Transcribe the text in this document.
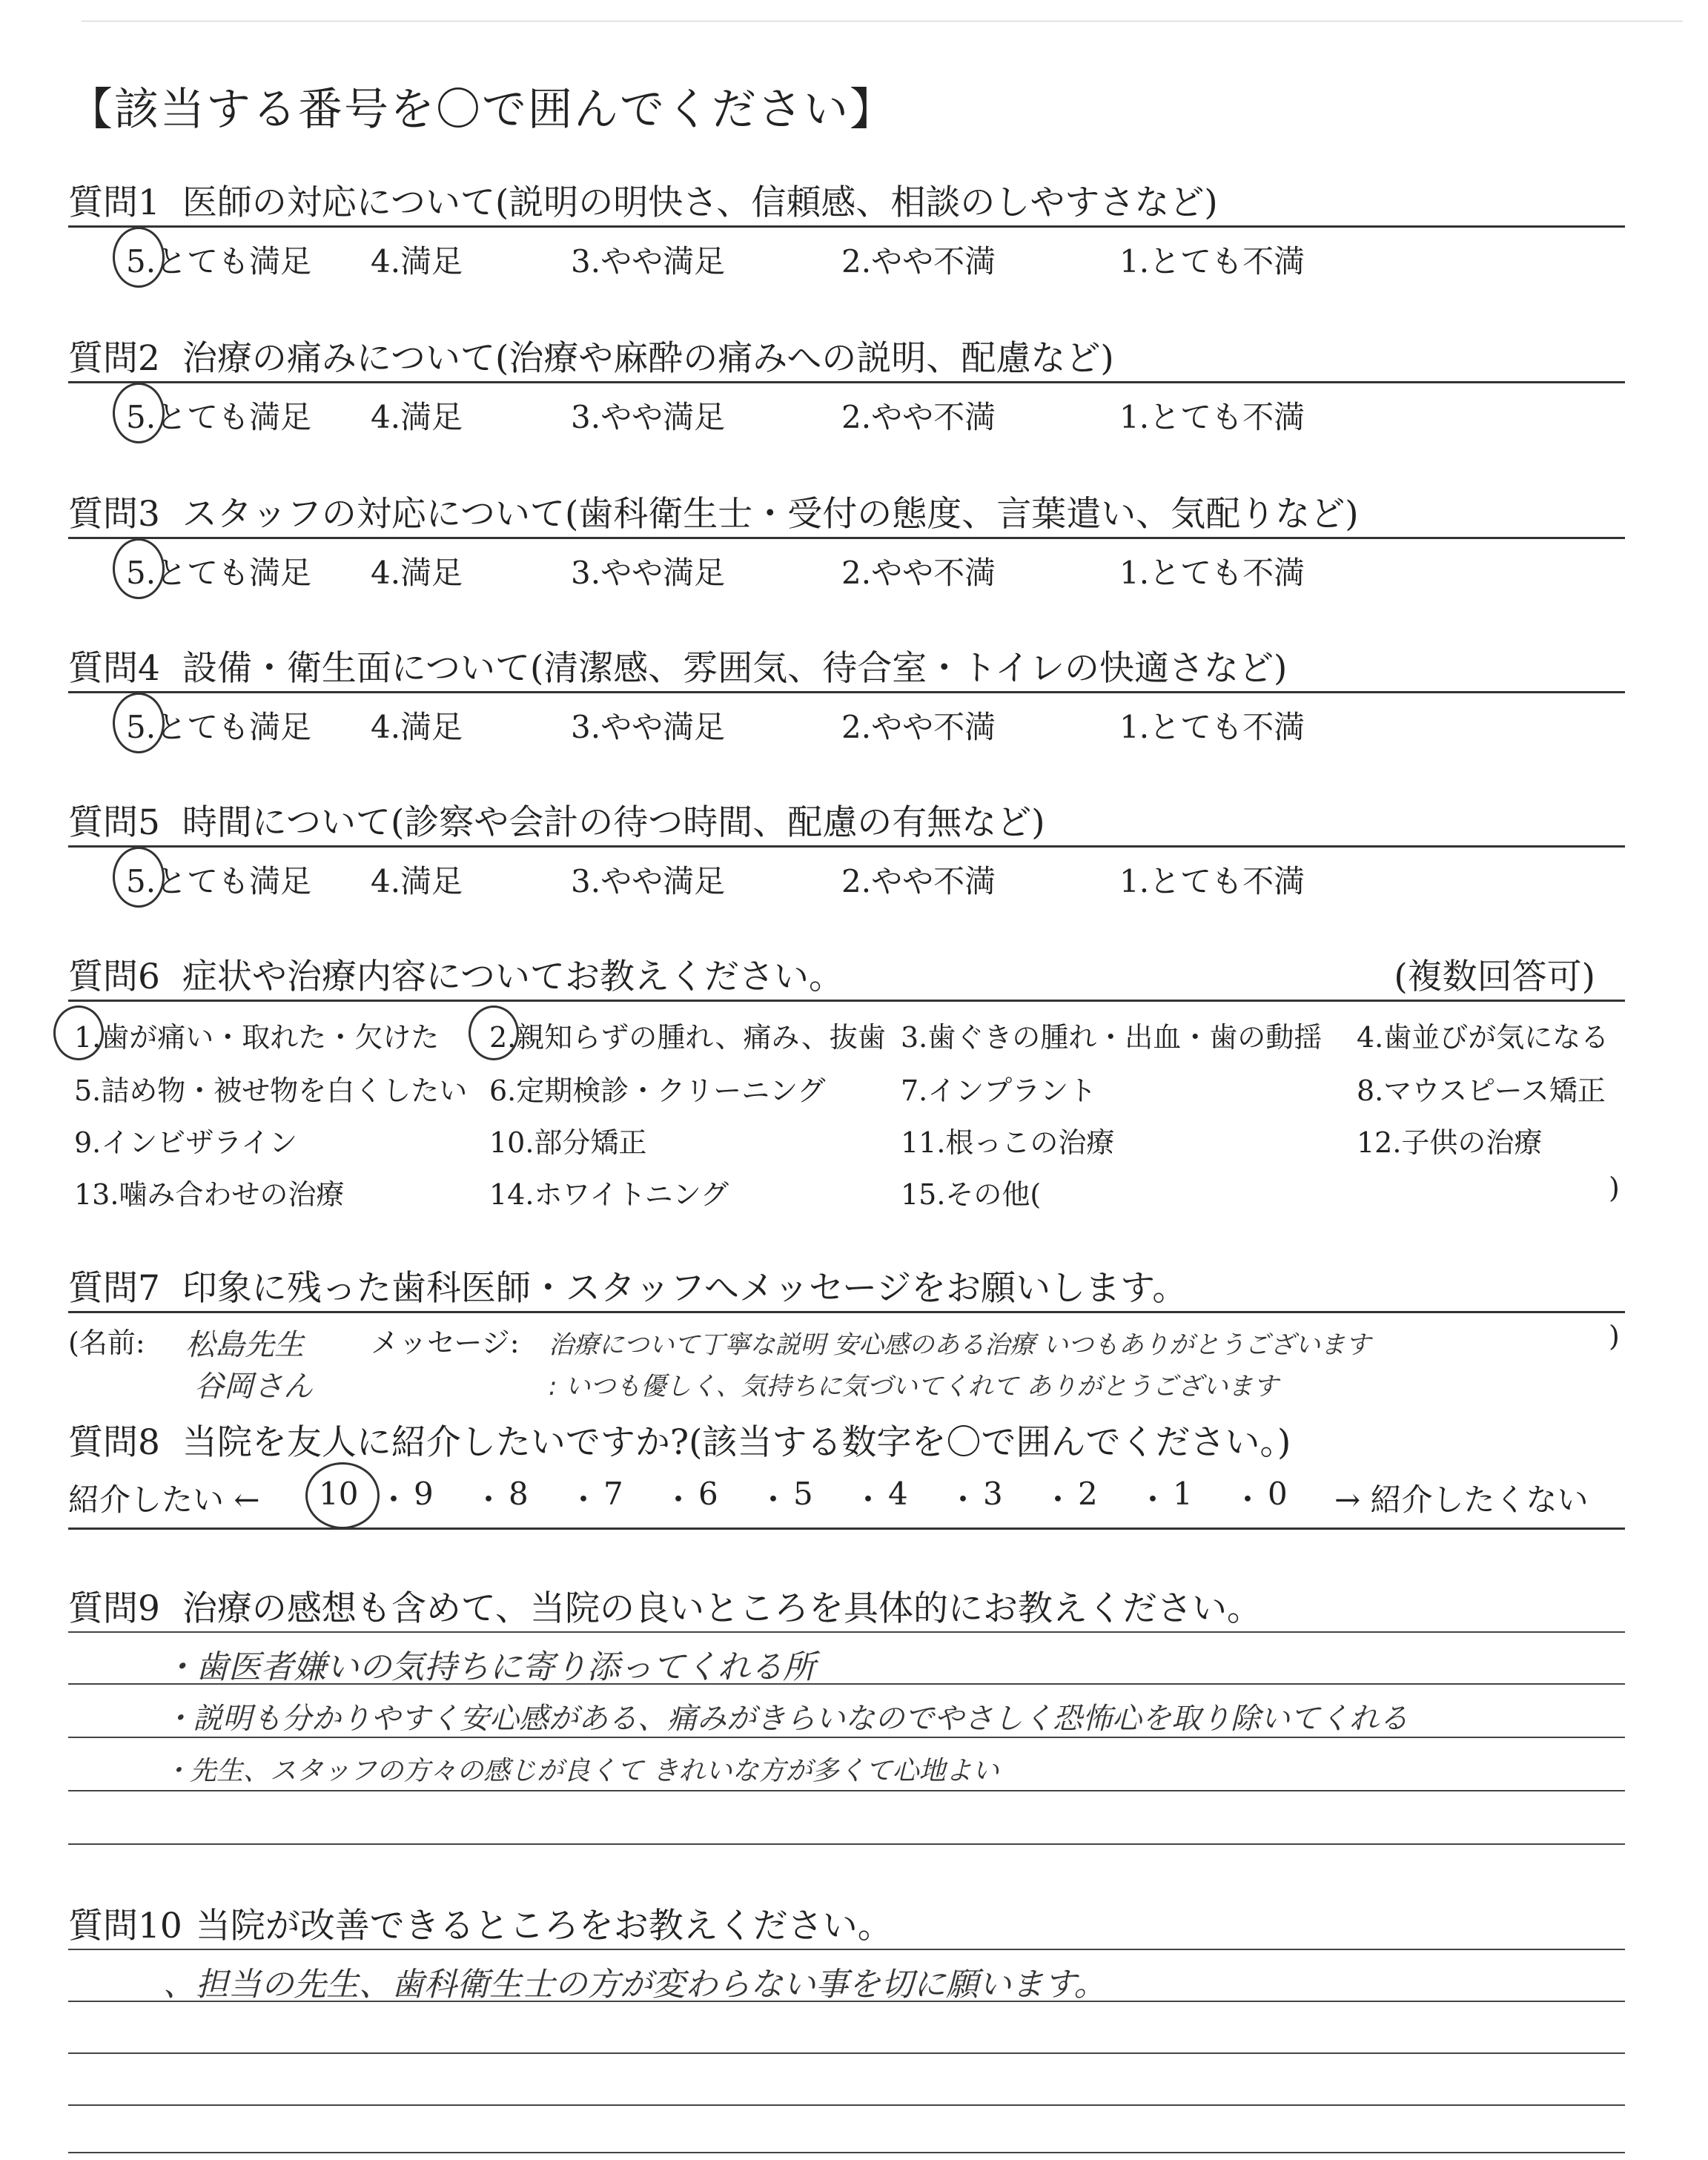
【該当する番号を〇で囲んでください】
質問1 医師の対応について(説明の明快さ、信頼感、相談のしやすさなど)
5.とても満足 4.満足	3.やや満足	2.やや不満	1.とても不満
質問2 治療の痛みについて(治療や麻酔の痛みへの説明、配慮など)
5.とても満足 4.満足	3.やや満足	2.やや不満	1.とても不満
質問3 スタッフの対応について(歯科衛生士・受付の態度、言葉遣い、気配りなど)
5.とても満足 4.満足	3.やや満足	2.やや不満	1.とても不満
質問4 設備・衛生面について(清潔感、雰囲気、待合室・トイレの快適さなど)
5.とても満足 4.満足	3.やや満足	2.やや不満	1.とても不満
質問5 時間について(診察や会計の待つ時間、配慮の有無など)
5.とても満足 4.満足	3.やや満足	2.やや不満	1.とても不満
質問6 症状や治療内容についてお教えください。	(複数回答可)
1.歯が痛い・取れた・欠けた 2.親知らずの腫れ、痛み、抜歯 3.歯ぐきの腫れ・出血・歯の動揺 4.歯並びが気になる
5.詰め物・被せ物を白くしたい 6.定期検診・クリーニング	7.インプラント	8.マウスピース矯正
9.インビザライン	10.部分矯正	11.根っこの治療	12.子供の治療
13.噛み合わせの治療	14.ホワイトニング	15.その他(	)
質問7 印象に残った歯科医師・スタッフへメッセージをお願いします。
(名前:	メッセージ:	)
松島先生	治療について丁寧な説明 安心感のある治療 いつもありがとうございます
谷岡さん	: いつも優しく、気持ちに気づいてくれて ありがとうございます
質問8 当院を友人に紹介したいですか?(該当する数字を〇で囲んでください。)
紹介したい ←	→ 紹介したくない
10 ・ 9 ・ 8 ・ 7 ・ 6 ・ 5 ・ 4 ・ 3 ・ 2 ・ 1 ・ 0
質問9 治療の感想も含めて、当院の良いところを具体的にお教えください。
・歯医者嫌いの気持ちに寄り添ってくれる所
・説明も分かりやすく安心感がある、痛みがきらいなのでやさしく恐怖心を取り除いてくれる
・先生、スタッフの方々の感じが良くて きれいな方が多くて心地よい
質問10 当院が改善できるところをお教えください。
、担当の先生、歯科衛生士の方が変わらない事を切に願います。
